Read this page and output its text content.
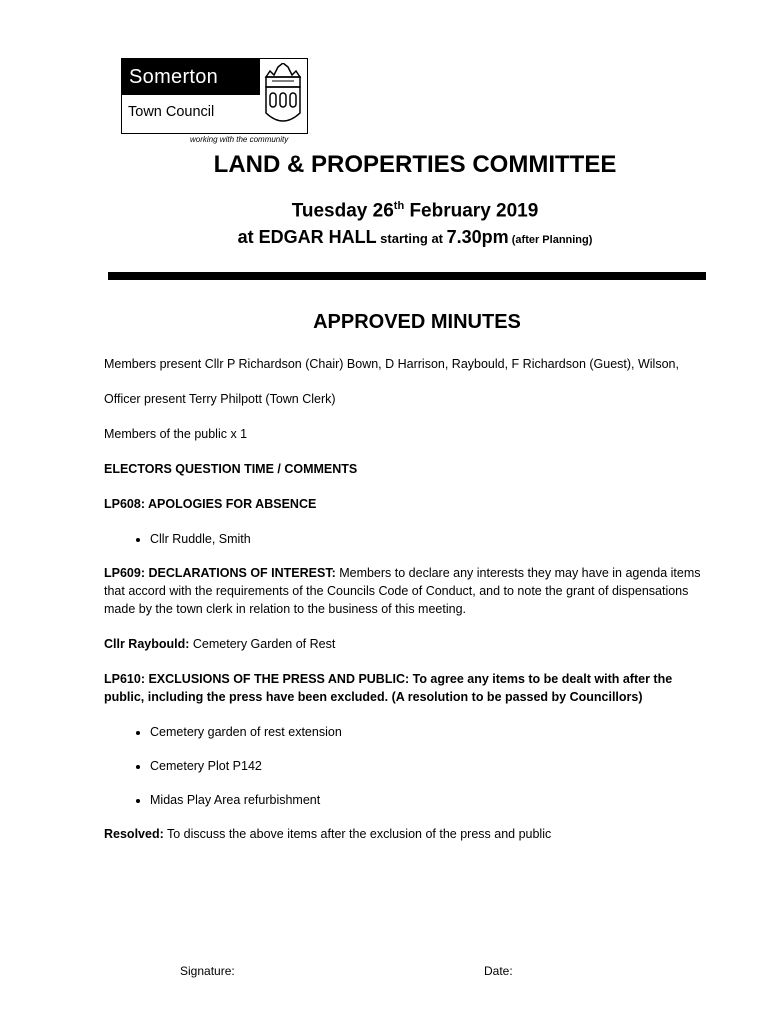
Somerton
Town Council
working with the community
LAND & PROPERTIES COMMITTEE
Tuesday 26th February 2019
at EDGAR HALL starting at 7.30pm (after Planning)
APPROVED MINUTES

Members present Cllr P Richardson (Chair) Bown, D Harrison, Raybould, F Richardson (Guest), Wilson,

Officer present Terry Philpott (Town Clerk)

Members of the public x 1

ELECTORS QUESTION TIME / COMMENTS

LP608: APOLOGIES FOR ABSENCE

• Cllr Ruddle, Smith

LP609: DECLARATIONS OF INTEREST: Members to declare any interests they may have in agenda items that accord with the requirements of the Councils Code of Conduct, and to note the grant of dispensations made by the town clerk in relation to the business of this meeting.

Cllr Raybould: Cemetery Garden of Rest

LP610: EXCLUSIONS OF THE PRESS AND PUBLIC: To agree any items to be dealt with after the public, including the press have been excluded. (A resolution to be passed by Councillors)

• Cemetery garden of rest extension
• Cemetery Plot P142
• Midas Play Area refurbishment

Resolved: To discuss the above items after the exclusion of the press and public

Signature:	Date:
